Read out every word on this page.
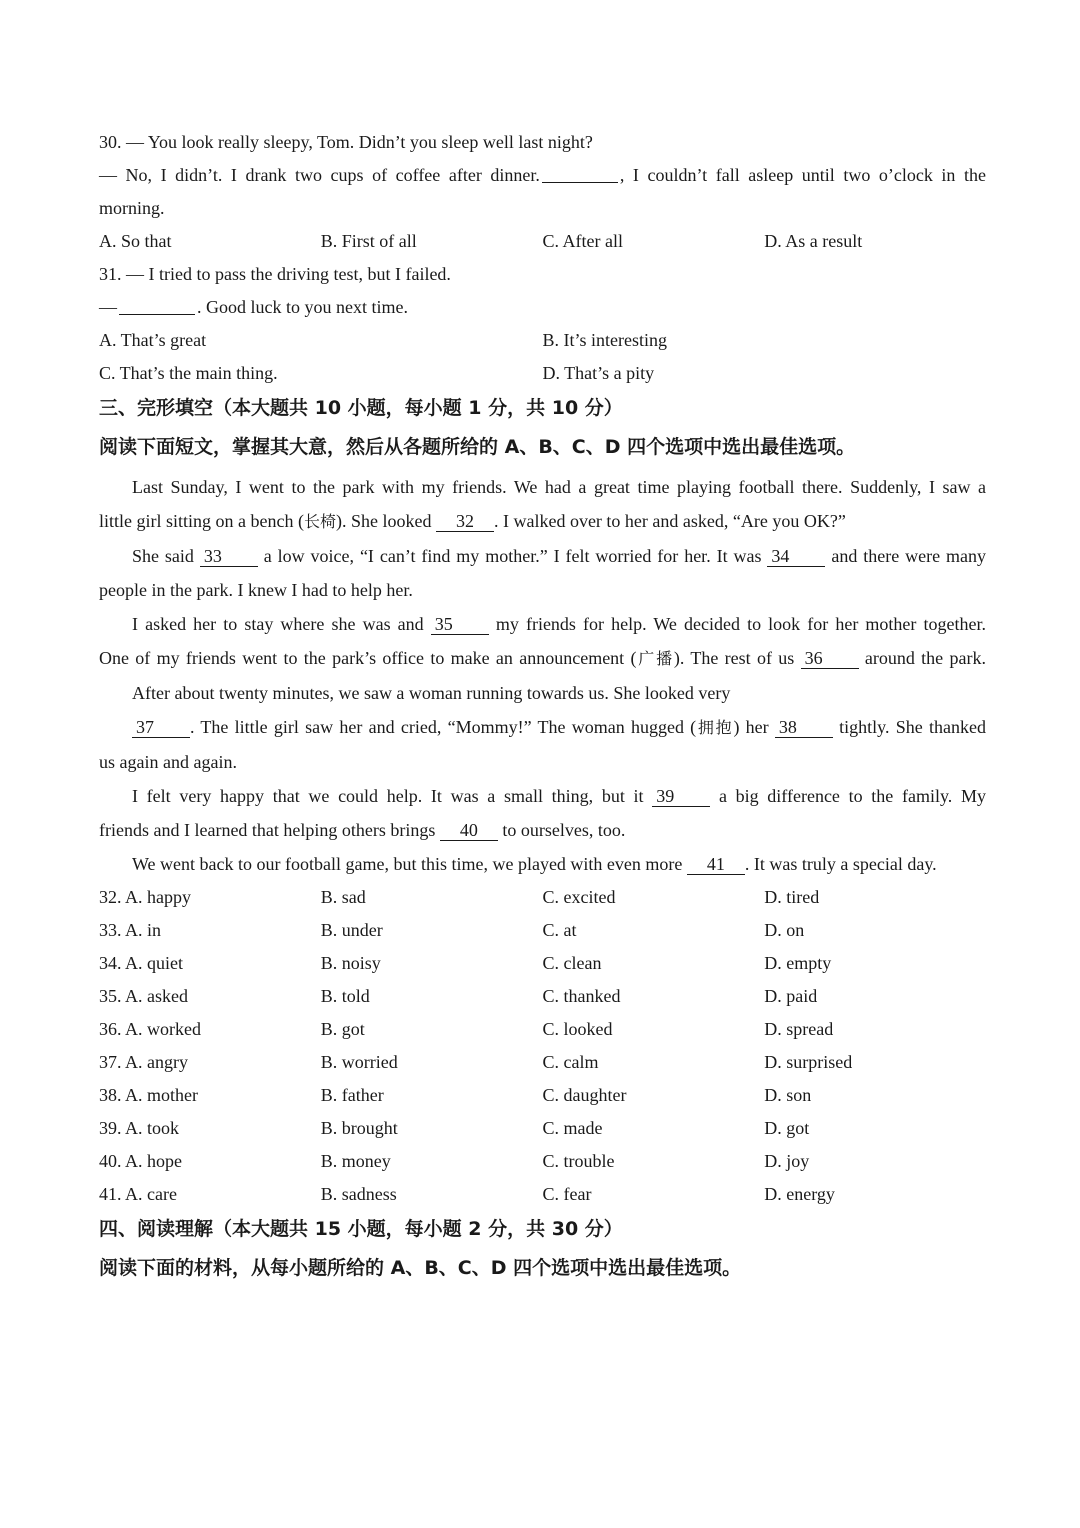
30. — You look really sleepy, Tom. Didn’t you sleep well last night?
— No, I didn’t. I drank two cups of coffee after dinner.	, I couldn’t fall asleep until two o’clock in the
morning.
A. So that	B. First of all	C. After all	D. As a result
31. — I tried to pass the driving test, but I failed.
—	. Good luck to you next time.
A. That’s great	B. It’s interesting
C. That’s the main thing.	D. That’s a pity
三、完形填空（本大题共 10 小题，每小题 1 分，共 10 分）
阅读下面短文，掌握其大意，然后从各题所给的 A、B、C、D 四个选项中选出最佳选项。
Last Sunday, I went to the park with my friends. We had a great time playing football there. Suddenly, I saw a
little girl sitting on a bench (长椅). She looked 32 . I walked over to her and asked, “Are you OK?”
She said 33 a low voice, “I can’t find my mother.” I felt worried for her. It was 34 and there were many
people in the park. I knew I had to help her.
I asked her to stay where she was and 35 my friends for help. We decided to look for her mother together.
One of my friends went to the park’s office to make an announcement (广播). The rest of us 36 around the park.
After about twenty minutes, we saw a woman running towards us. She looked very
37 . The little girl saw her and cried, “Mommy!” The woman hugged (拥抱) her 38 tightly. She thanked
us again and again.
I felt very happy that we could help. It was a small thing, but it 39 a big difference to the family. My
friends and I learned that helping others brings 40 to ourselves, too.
We went back to our football game, but this time, we played with even more 41 . It was truly a special day.
32. A. happy	B. sad	C. excited	D. tired
33. A. in	B. under	C. at	D. on
34. A. quiet	B. noisy	C. clean	D. empty
35. A. asked	B. told	C. thanked	D. paid
36. A. worked	B. got	C. looked	D. spread
37. A. angry	B. worried	C. calm	D. surprised
38. A. mother	B. father	C. daughter	D. son
39. A. took	B. brought	C. made	D. got
40. A. hope	B. money	C. trouble	D. joy
41. A. care	B. sadness	C. fear	D. energy
四、阅读理解（本大题共 15 小题，每小题 2 分，共 30 分）
阅读下面的材料，从每小题所给的 A、B、C、D 四个选项中选出最佳选项。
